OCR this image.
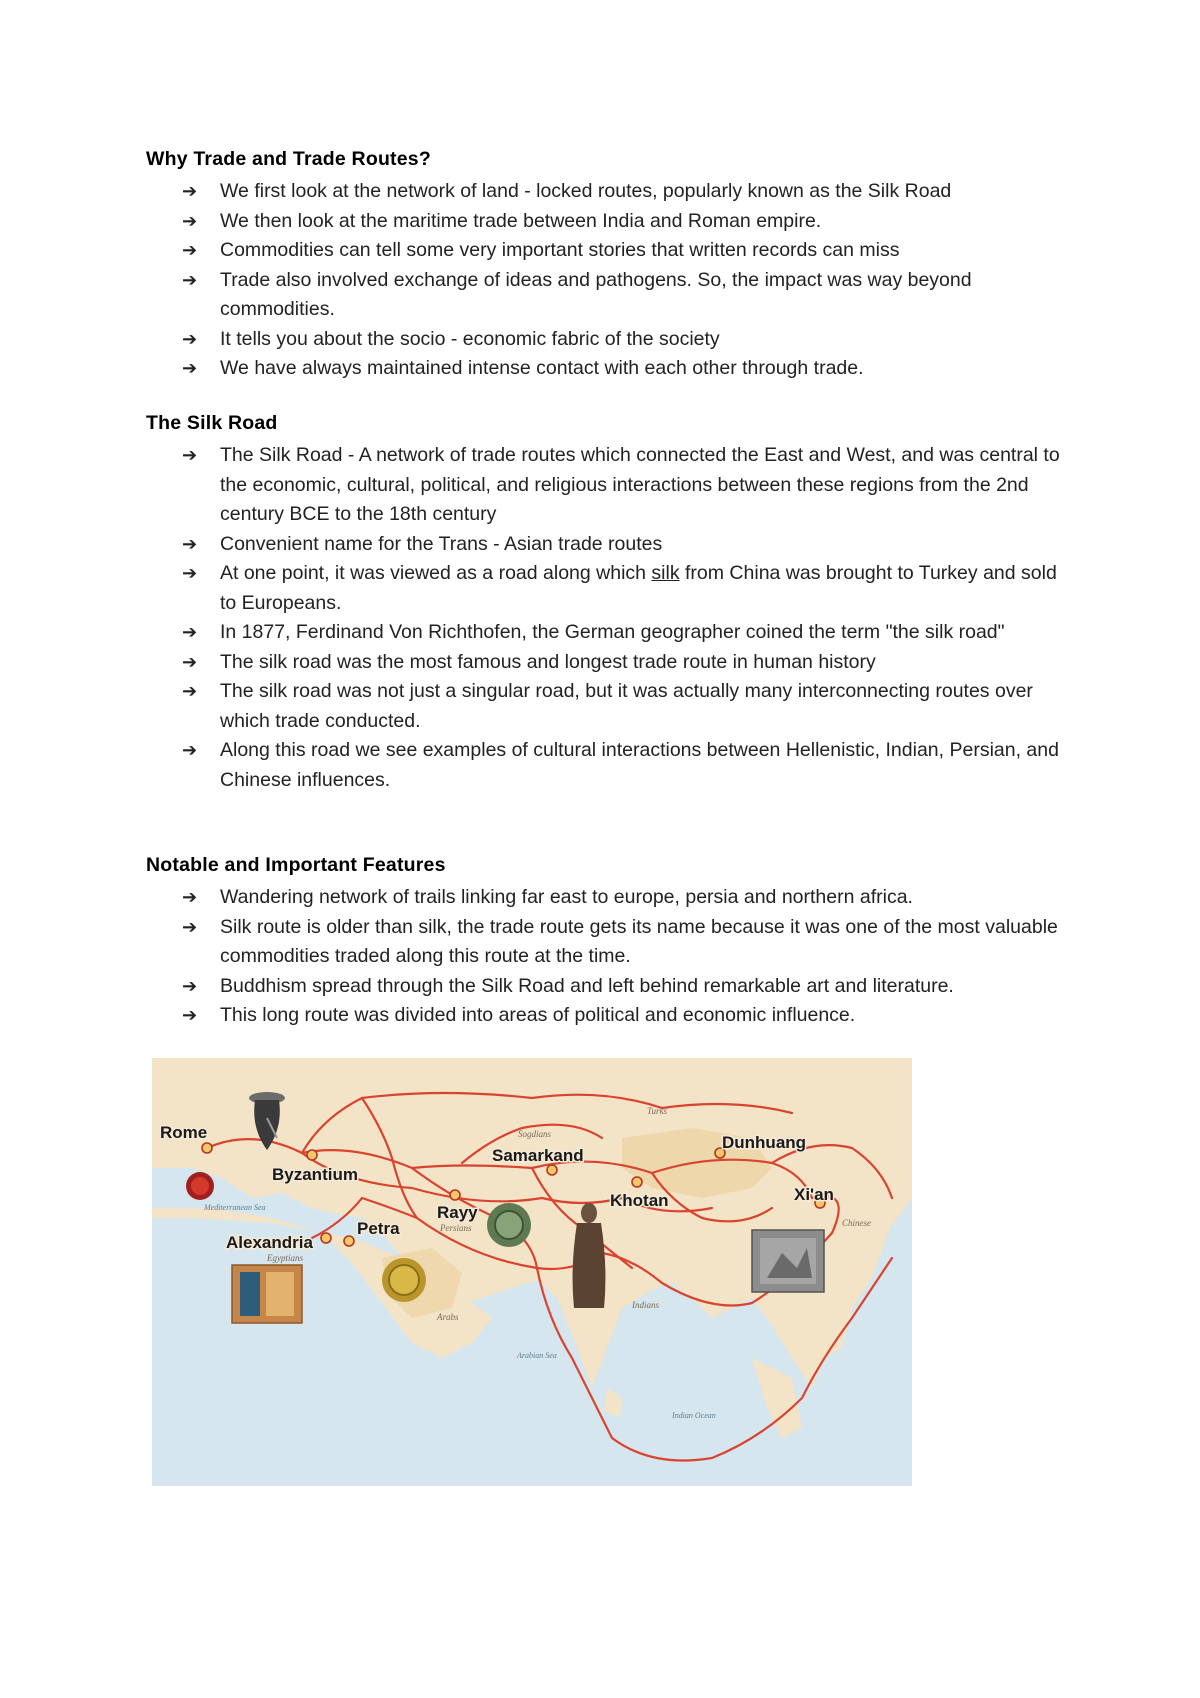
Why Trade and Trade Routes?
➔ We first look at the network of land - locked routes, popularly known as the Silk Road
➔ We then look at the maritime trade between India and Roman empire.
➔ Commodities can tell some very important stories that written records can miss
➔ Trade also involved exchange of ideas and pathogens. So, the impact was way beyond commodities.
➔ It tells you about the socio - economic fabric of the society
➔ We have always maintained intense contact with each other through trade.
The Silk Road
➔ The Silk Road - A network of trade routes which connected the East and West, and was central to the economic, cultural, political, and religious interactions between these regions from the 2nd century BCE to the 18th century
➔ Convenient name for the Trans - Asian trade routes
➔ At one point, it was viewed as a road along which silk from China was brought to Turkey and sold to Europeans.
➔ In 1877, Ferdinand Von Richthofen, the German geographer coined the term "the silk road"
➔ The silk road was the most famous and longest trade route in human history
➔ The silk road was not just a singular road, but it was actually many interconnecting routes over which trade conducted.
➔ Along this road we see examples of cultural interactions between Hellenistic, Indian, Persian, and Chinese influences.
Notable and Important Features
➔ Wandering network of trails linking far east to europe, persia and northern africa.
➔ Silk route is older than silk, the trade route gets its name because it was one of the most valuable commodities traded along this route at the time.
➔ Buddhism spread through the Silk Road and left behind remarkable art and literature.
➔ This long route was divided into areas of political and economic influence.
Rome
Byzantium
Samarkand
Dunhuang
Xi'an
Rayy
Khotan
Petra
Alexandria
Turks
Sogdians
Persians
Egyptians
Arabs
Indians
Chinese
Mediterranean Sea
Arabian Sea
Indian Ocean
